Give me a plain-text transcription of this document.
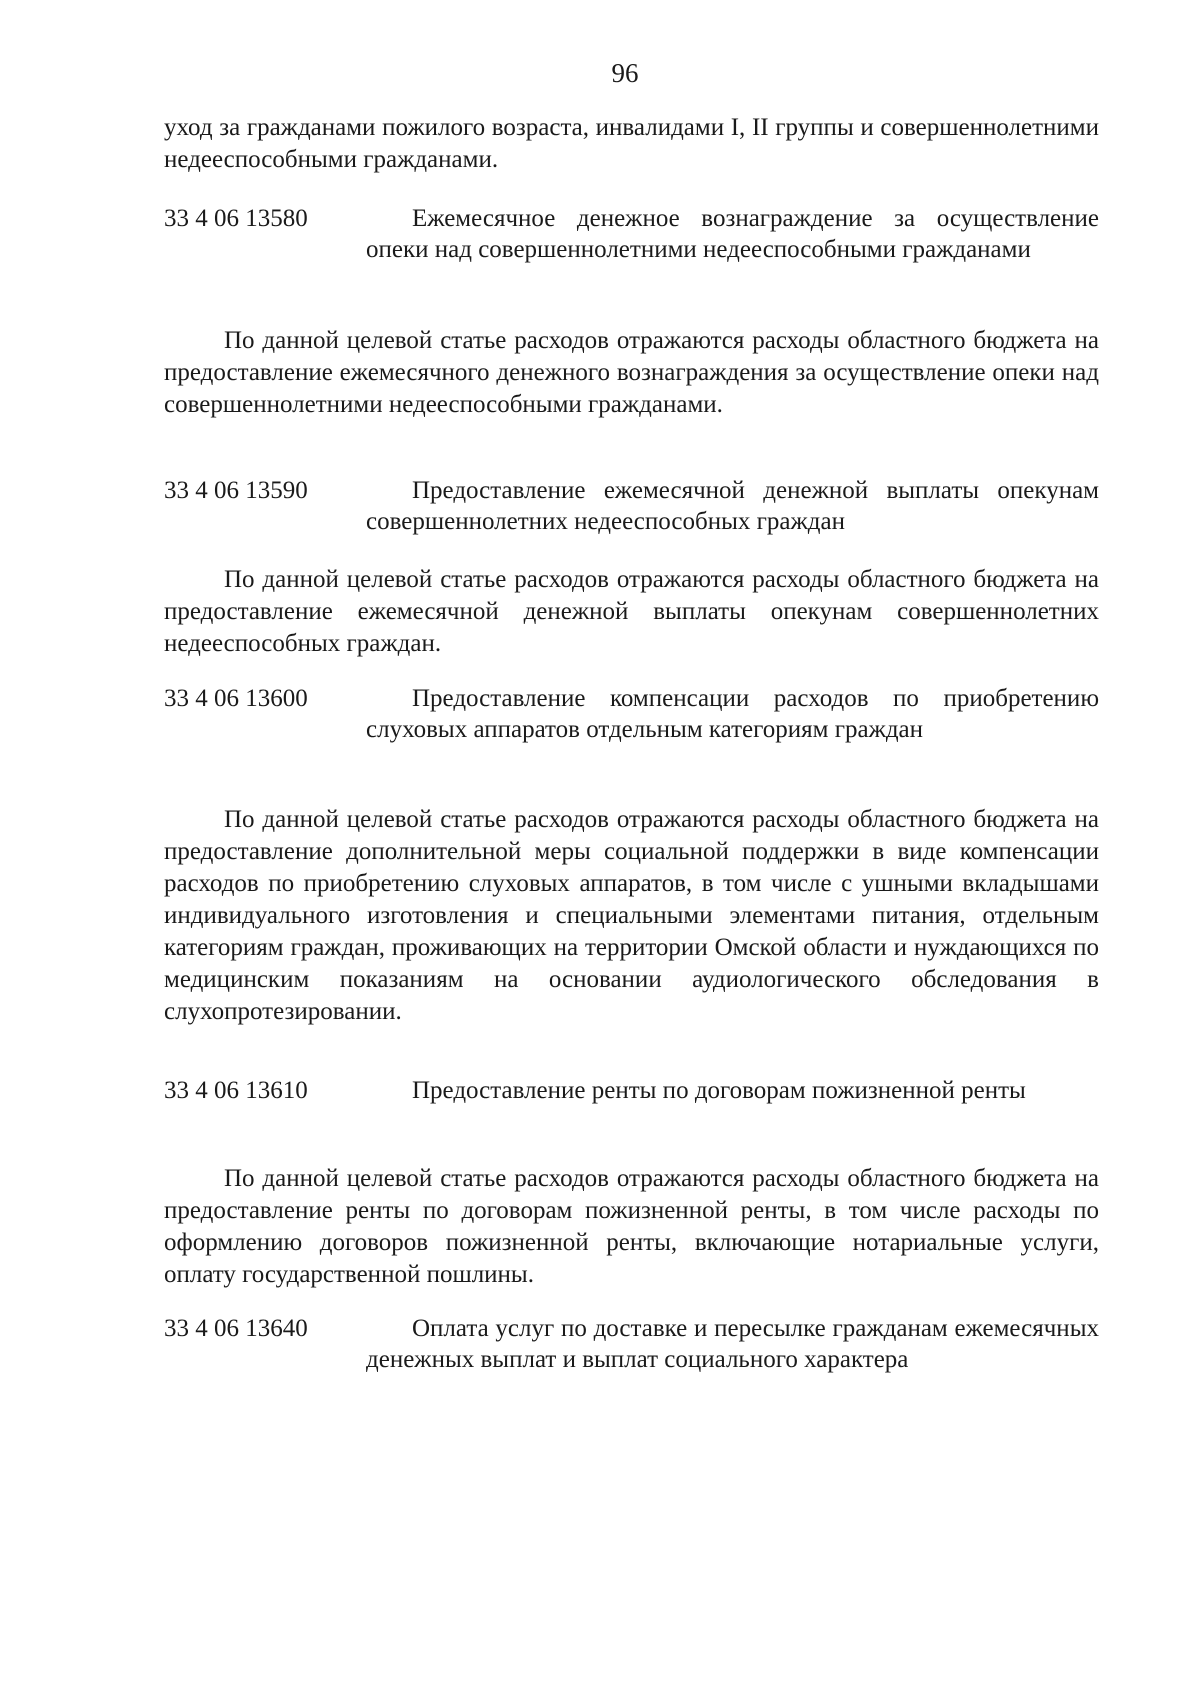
96

уход за гражданами пожилого возраста, инвалидами I, II группы и совершеннолетними недееспособными гражданами.

33 4 06 13580	Ежемесячное денежное вознаграждение за осуществление опеки над совершеннолетними недееспособными гражданами

По данной целевой статье расходов отражаются расходы областного бюджета на предоставление ежемесячного денежного вознаграждения за осуществление опеки над совершеннолетними недееспособными гражданами.

33 4 06 13590	Предоставление ежемесячной денежной выплаты опекунам совершеннолетних недееспособных граждан

По данной целевой статье расходов отражаются расходы областного бюджета на предоставление ежемесячной денежной выплаты опекунам совершеннолетних недееспособных граждан.

33 4 06 13600	Предоставление компенсации расходов по приобретению слуховых аппаратов отдельным категориям граждан

По данной целевой статье расходов отражаются расходы областного бюджета на предоставление дополнительной меры социальной поддержки в виде компенсации расходов по приобретению слуховых аппаратов, в том числе с ушными вкладышами индивидуального изготовления и специальными элементами питания, отдельным категориям граждан, проживающих на территории Омской области и нуждающихся по медицинским показаниям на основании аудиологического обследования в слухопротезировании.

33 4 06 13610	Предоставление ренты по договорам пожизненной ренты

По данной целевой статье расходов отражаются расходы областного бюджета на предоставление ренты по договорам пожизненной ренты, в том числе расходы по оформлению договоров пожизненной ренты, включающие нотариальные услуги, оплату государственной пошлины.

33 4 06 13640	Оплата услуг по доставке и пересылке гражданам ежемесячных денежных выплат и выплат социального характера
